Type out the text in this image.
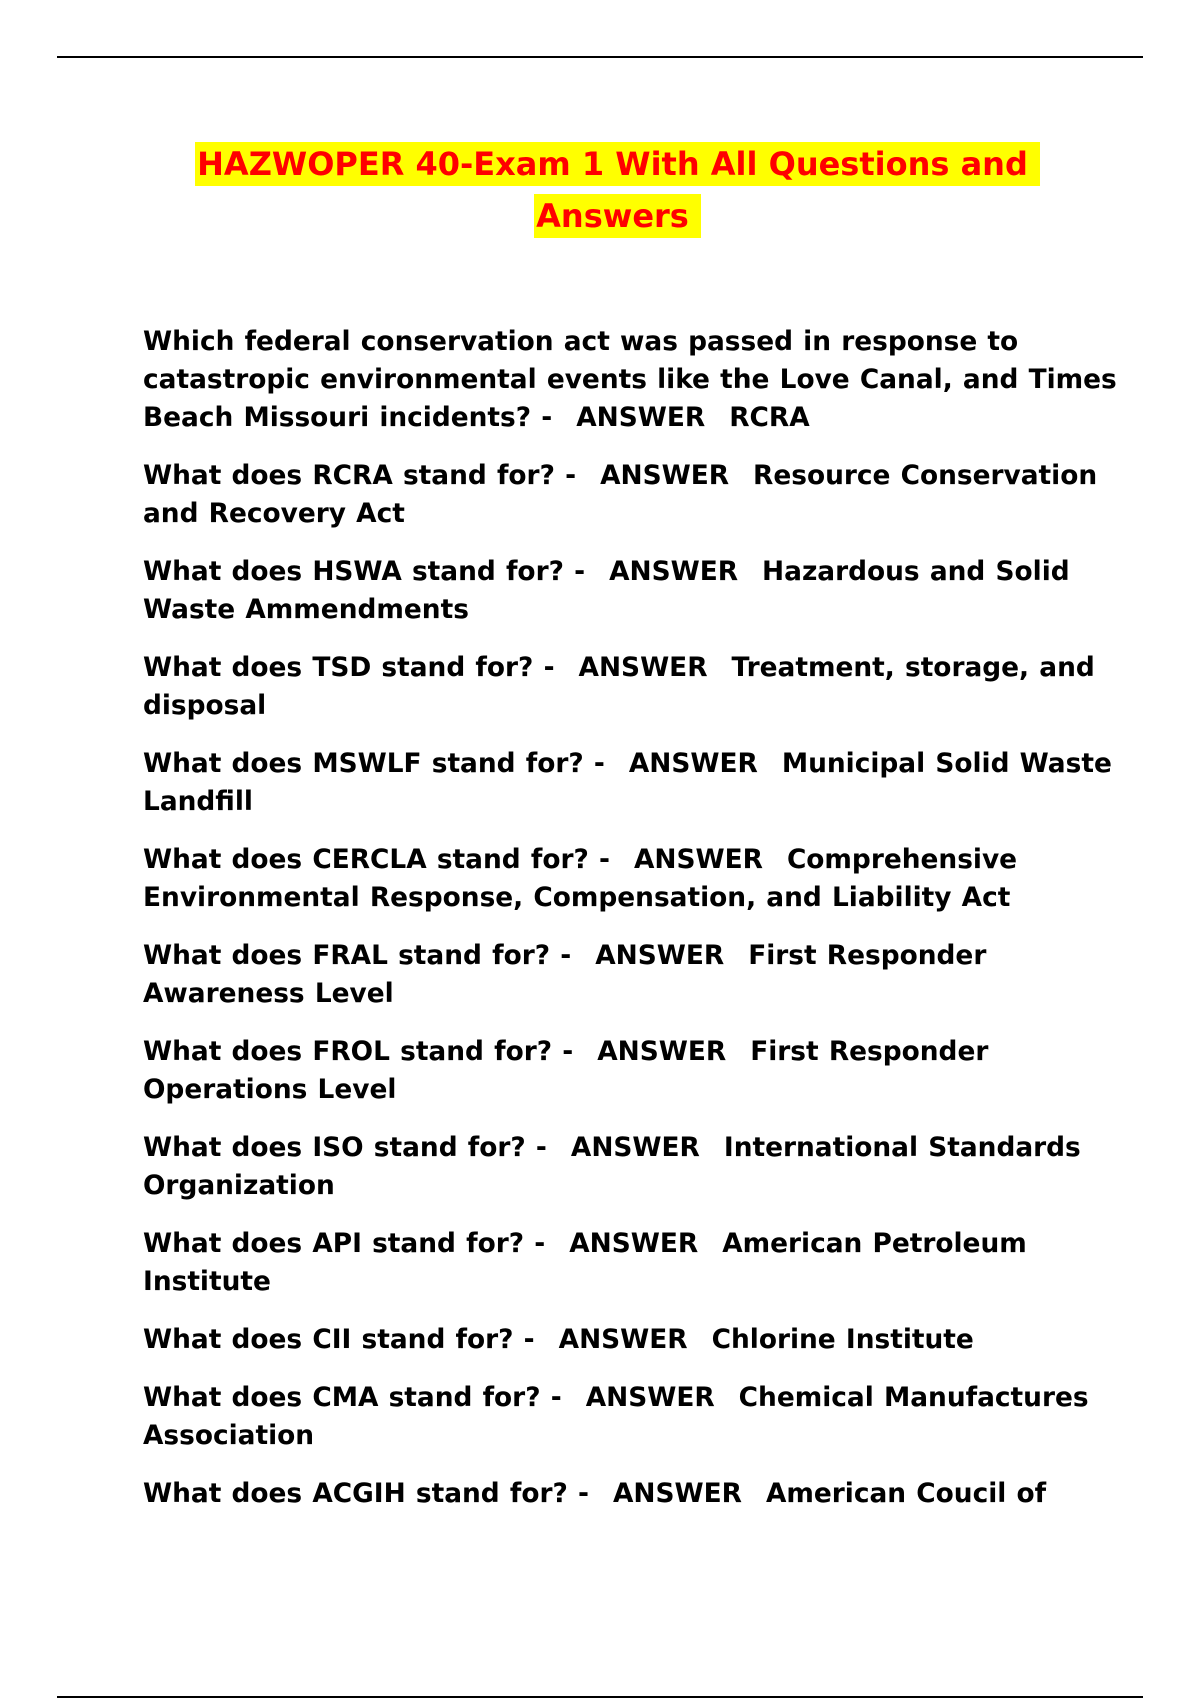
HAZWOPER 40-Exam 1 With All Questions and
Answers

Which federal conservation act was passed in response to catastropic environmental events like the Love Canal, and Times Beach Missouri incidents? - ANSWER RCRA

What does RCRA stand for? - ANSWER Resource Conservation and Recovery Act

What does HSWA stand for? - ANSWER Hazardous and Solid Waste Ammendments

What does TSD stand for? - ANSWER Treatment, storage, and disposal

What does MSWLF stand for? - ANSWER Municipal Solid Waste Landfill

What does CERCLA stand for? - ANSWER Comprehensive Environmental Response, Compensation, and Liability Act

What does FRAL stand for? - ANSWER First Responder Awareness Level

What does FROL stand for? - ANSWER First Responder Operations Level

What does ISO stand for? - ANSWER International Standards Organization

What does API stand for? - ANSWER American Petroleum Institute

What does CII stand for? - ANSWER Chlorine Institute

What does CMA stand for? - ANSWER Chemical Manufactures Association

What does ACGIH stand for? - ANSWER American Coucil of
